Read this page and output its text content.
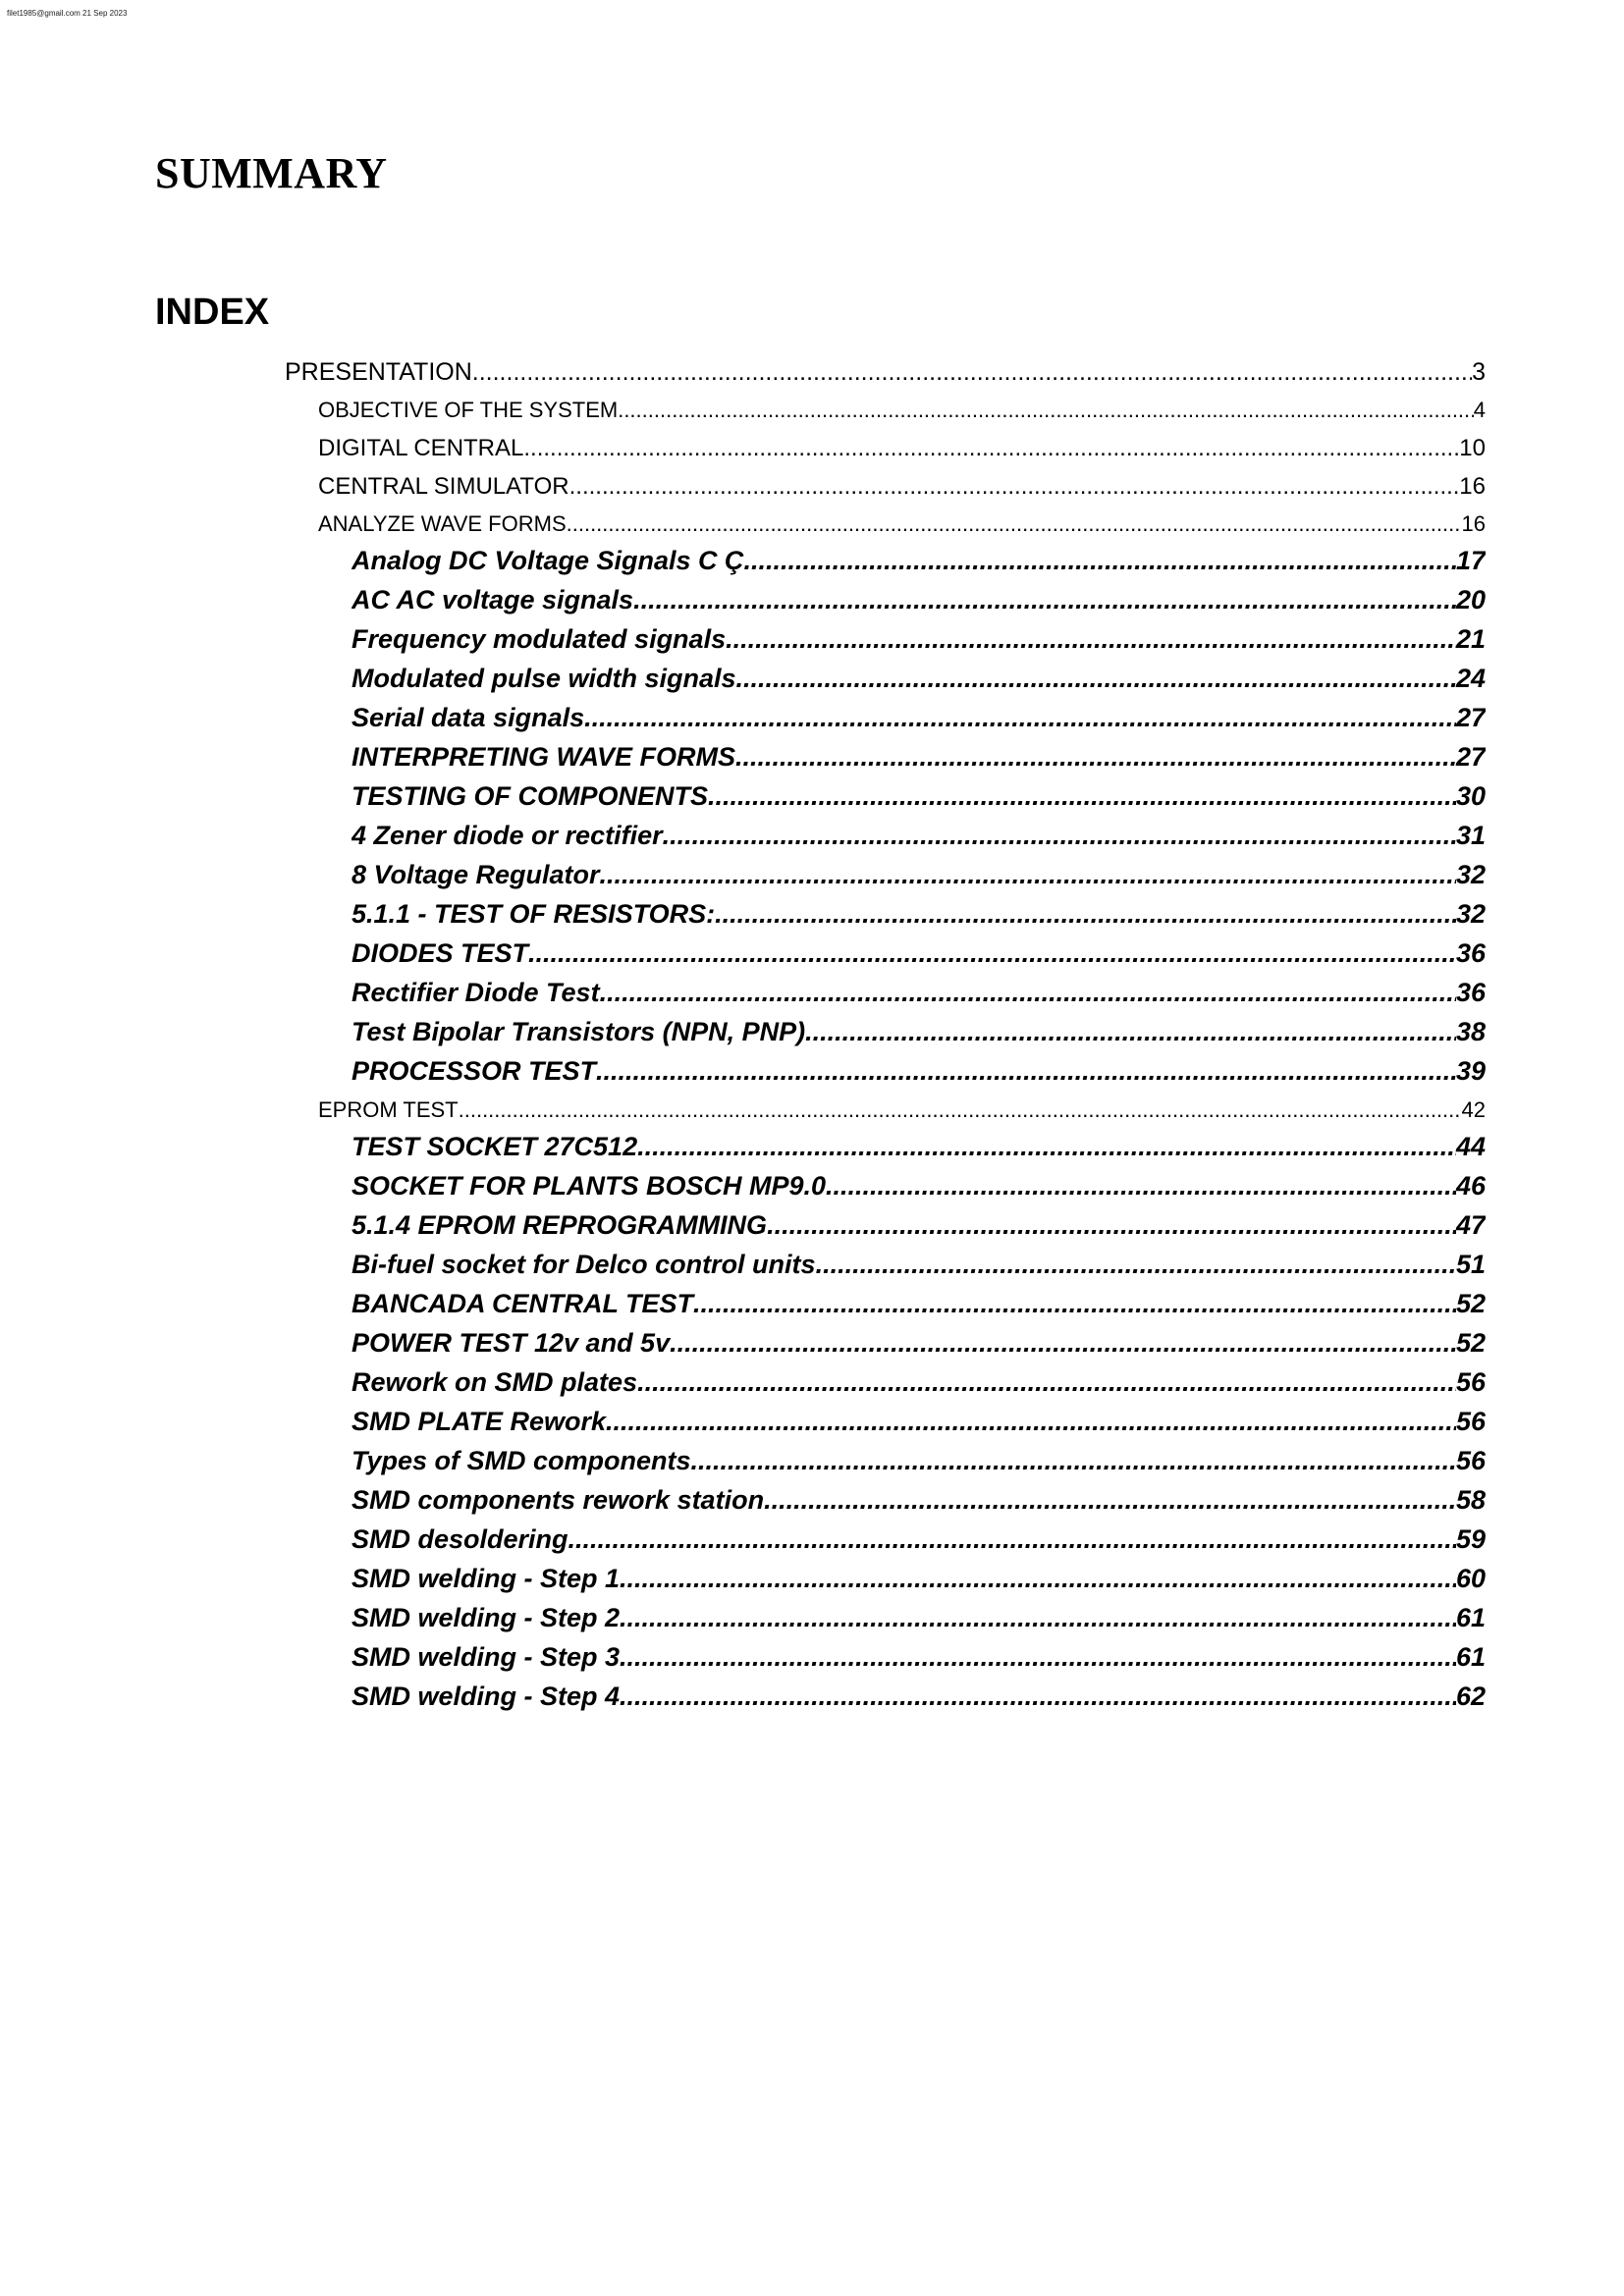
filet1985@gmail.com 21 Sep 2023
SUMMARY
INDEX
PRESENTATION .....	3
OBJECTIVE OF THE SYSTEM .....	4
DIGITAL CENTRAL .....	10
CENTRAL SIMULATOR .....	16
ANALYZE WAVE FORMS .....	16
Analog DC Voltage Signals C Ç .....	17
AC AC voltage signals .....	20
Frequency modulated signals .....	21
Modulated pulse width signals .....	24
Serial data signals .....	27
INTERPRETING WAVE FORMS .....	27
TESTING OF COMPONENTS .....	30
4 Zener diode or rectifier .....	31
8 Voltage Regulator .....	32
5.1.1 - TEST OF RESISTORS: .....	32
DIODES TEST .....	36
Rectifier Diode Test .....	36
Test Bipolar Transistors (NPN, PNP) .....	38
PROCESSOR TEST .....	39
EPROM TEST .....	42
TEST SOCKET 27C512 .....	44
SOCKET FOR PLANTS BOSCH MP9.0 .....	46
5.1.4 EPROM REPROGRAMMING .....	47
Bi-fuel socket for Delco control units .....	51
BANCADA CENTRAL TEST .....	52
POWER TEST 12v and 5v .....	52
Rework on SMD plates .....	56
SMD PLATE Rework .....	56
Types of SMD components .....	56
SMD components rework station .....	58
SMD desoldering .....	59
SMD welding - Step 1 .....	60
SMD welding - Step 2 .....	61
SMD welding - Step 3 .....	61
SMD welding - Step 4 .....	62
